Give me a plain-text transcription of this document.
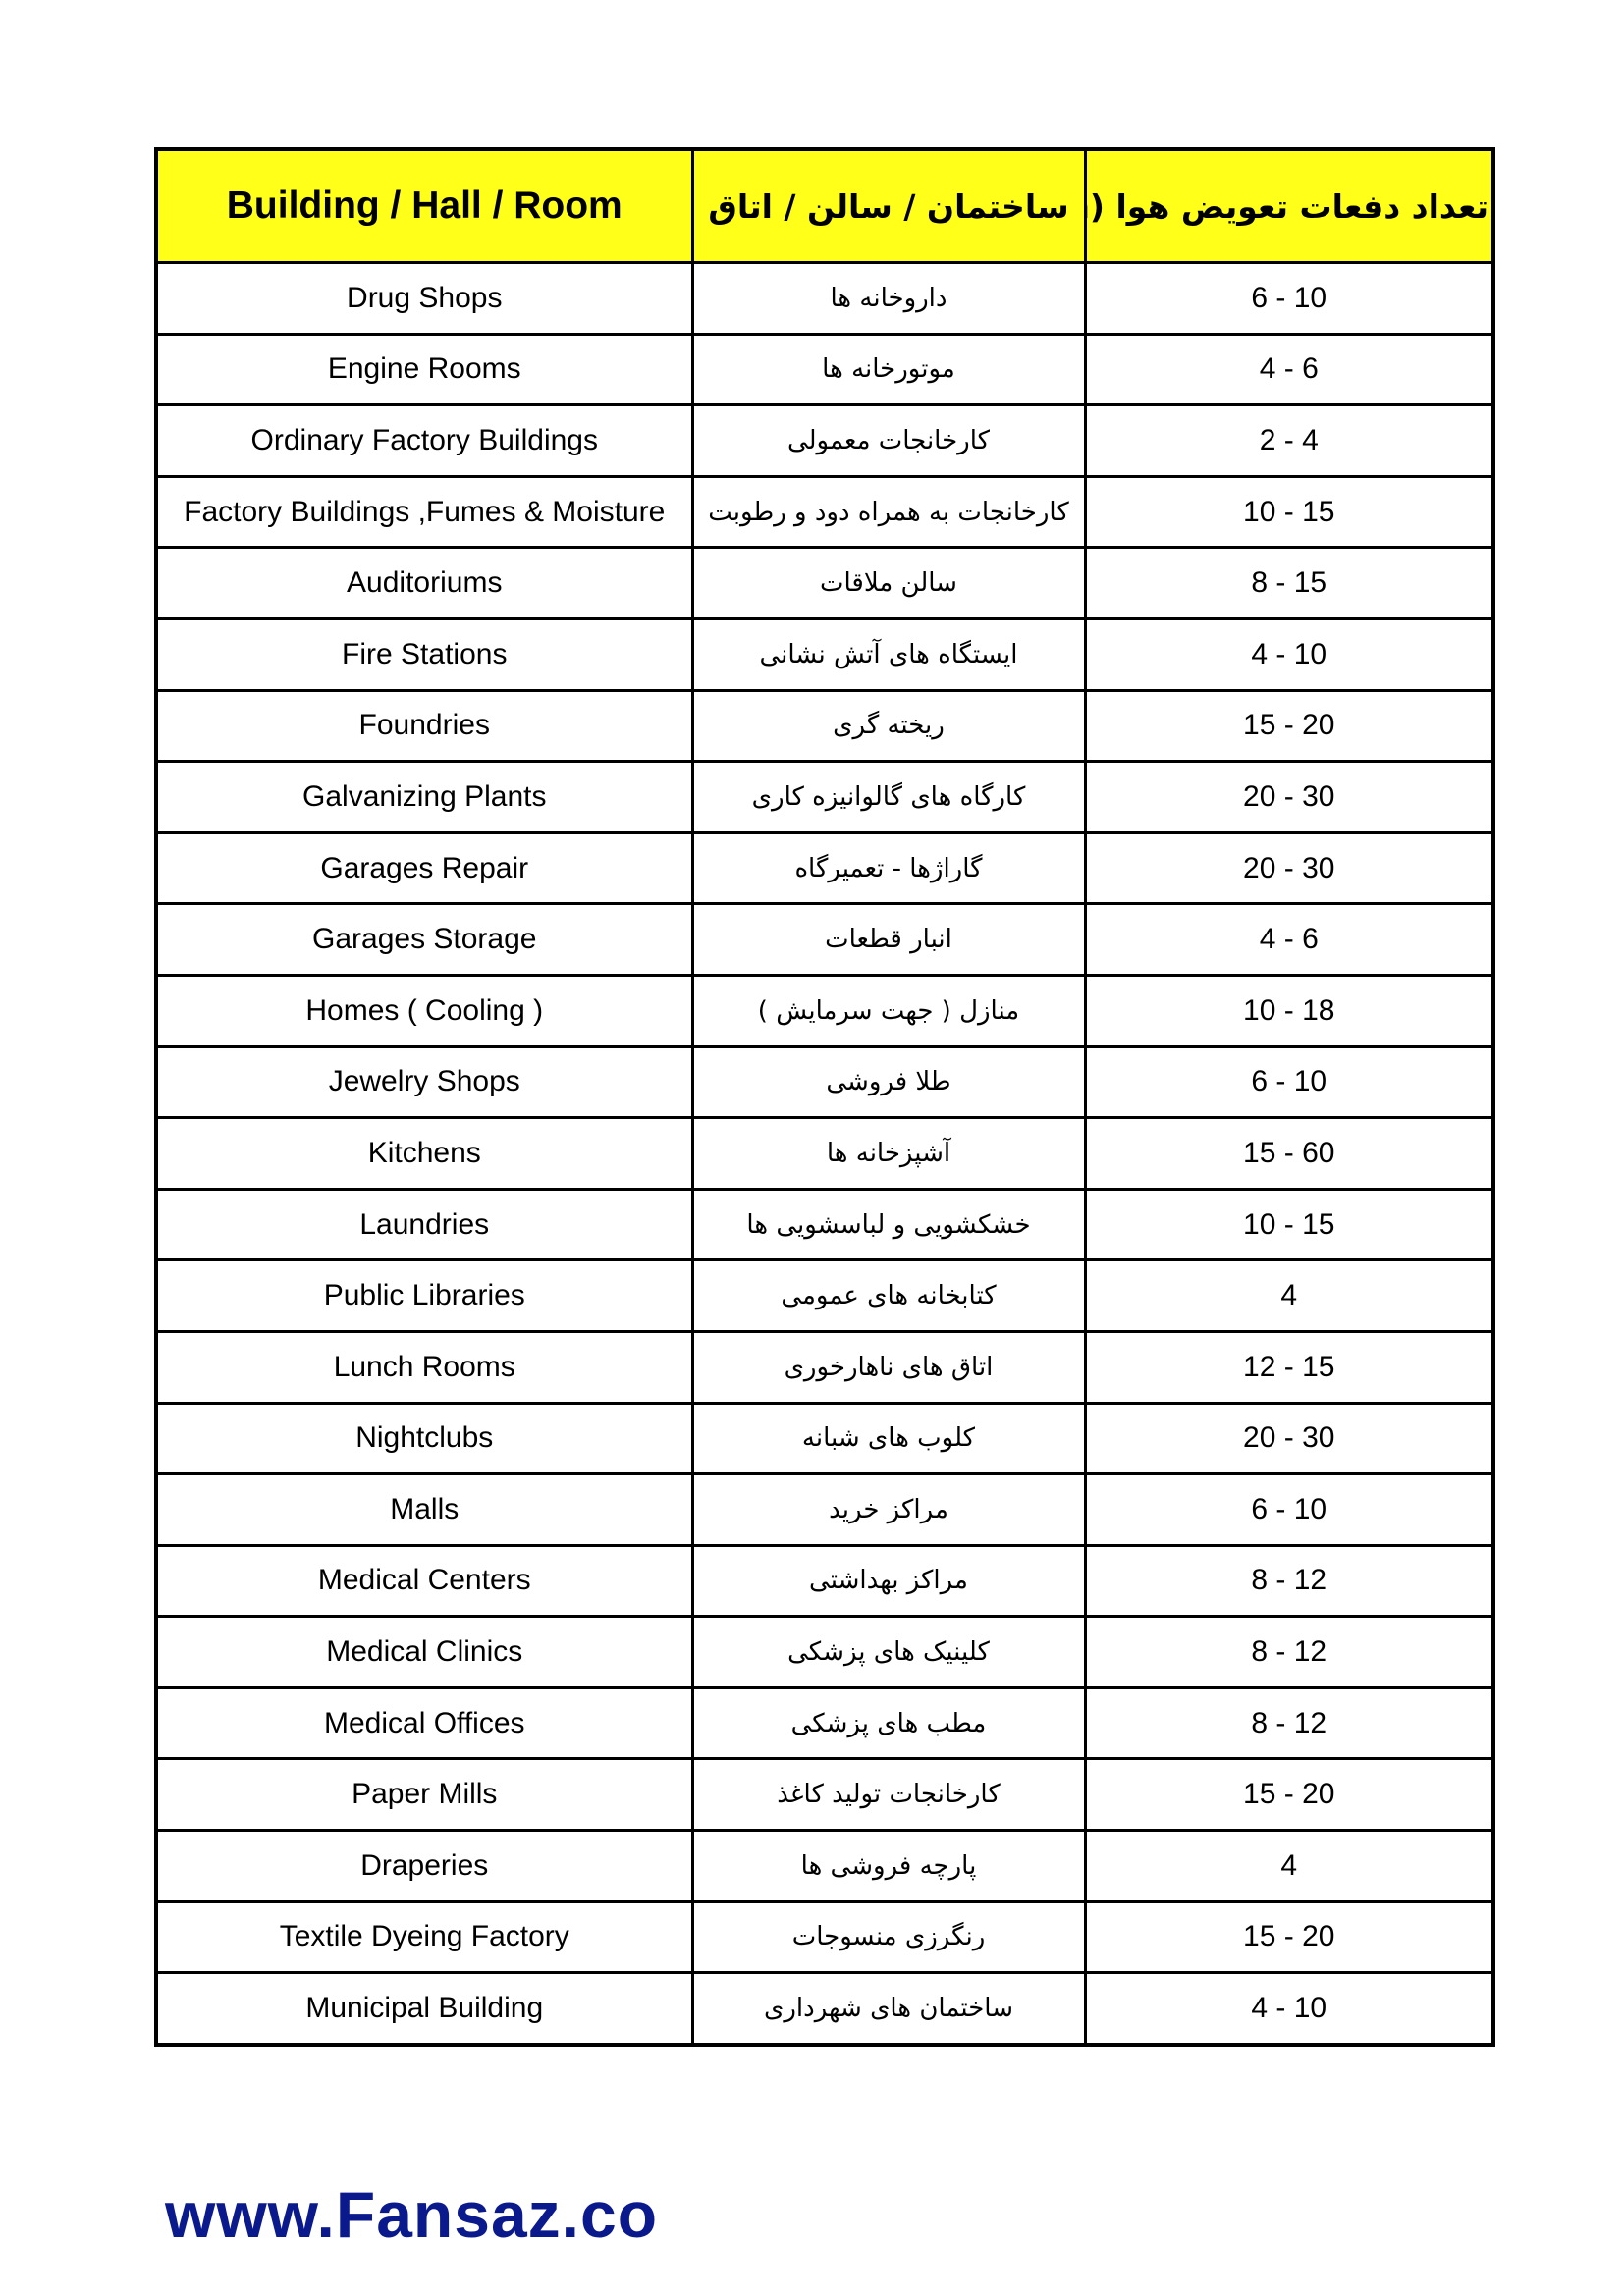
Building / Hall / Room	ساختمان / سالن / اتاق	تعداد دفعات تعویض هوا (
Drug Shops	داروخانه ها	6 - 10
Engine Rooms	موتورخانه ها	4 - 6
Ordinary Factory Buildings	کارخانجات معمولی	2 - 4
Factory Buildings ,Fumes & Moisture	کارخانجات به همراه دود و رطوبت	10 - 15
Auditoriums	سالن ملاقات	8 - 15
Fire Stations	ایستگاه های آتش نشانی	4 - 10
Foundries	ریخته گری	15 - 20
Galvanizing Plants	کارگاه های گالوانیزه کاری	20 - 30
Garages Repair	گاراژها - تعمیرگاه	20 - 30
Garages Storage	انبار قطعات	4 - 6
Homes ( Cooling )	منازل ( جهت سرمایش )	10 - 18
Jewelry Shops	طلا فروشی	6 - 10
Kitchens	آشپزخانه ها	15 - 60
Laundries	خشکشویی و لباسشویی ها	10 - 15
Public Libraries	کتابخانه های عمومی	4
Lunch Rooms	اتاق های ناهارخوری	12 - 15
Nightclubs	کلوب های شبانه	20 - 30
Malls	مراکز خرید	6 - 10
Medical Centers	مراکز بهداشتی	8 - 12
Medical Clinics	کلینیک های پزشکی	8 - 12
Medical Offices	مطب های پزشکی	8 - 12
Paper Mills	کارخانجات تولید کاغذ	15 - 20
Draperies	پارچه فروشی ها	4
Textile Dyeing Factory	رنگرزی منسوجات	15 - 20
Municipal Building	ساختمان های شهرداری	4 - 10
www.Fansaz.co
